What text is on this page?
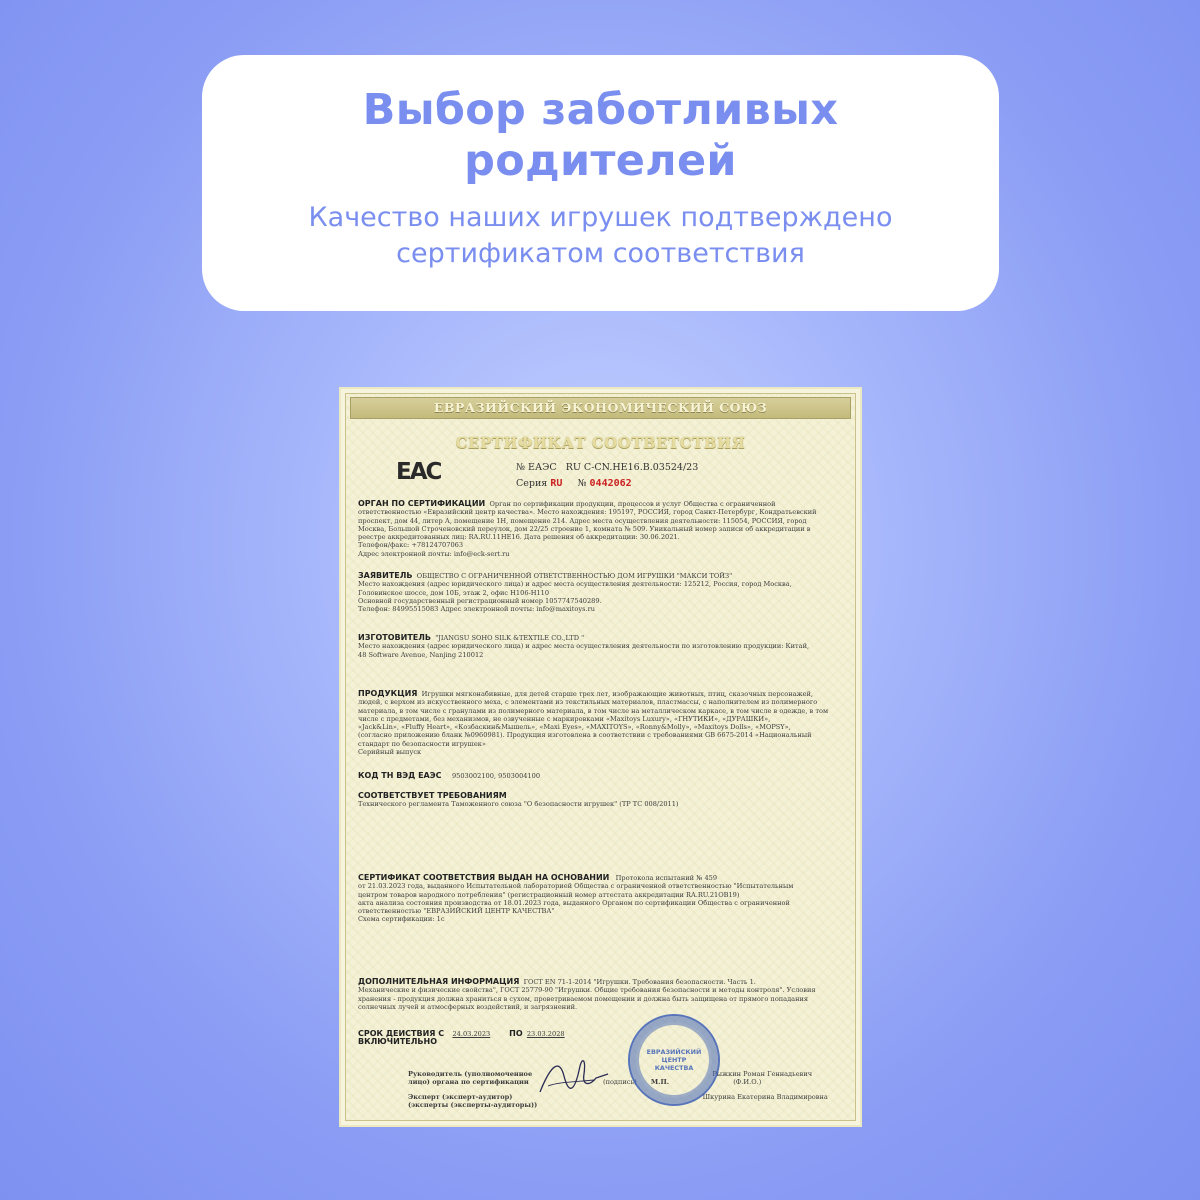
Выбор заботливых
родителей
Качество наших игрушек подтверждено
сертификатом соответствия
ЕВРАЗИЙСКИЙ ЭКОНОМИЧЕСКИЙ СОЮЗ
СЕРТИФИКАТ СООТВЕТСТВИЯ
ЕАС	№ ЕАЭС RU C-CN.НЕ16.В.03524/23
Серия RU № 0442062
ОРГАН ПО СЕРТИФИКАЦИИ Орган по сертификации продукции, процессов и услуг Общества с ограниченной
ответственностью «Евразийский центр качества». Место нахождения: 195197, РОССИЯ, город Санкт-Петербург, Кондратьевский
проспект, дом 44, литер А, помещение 1Н, помещение 214. Адрес места осуществления деятельности: 115054, РОССИЯ, город
Москва, Большой Строченовский переулок, дом 22/25 строение 1, комната № 509. Уникальный номер записи об аккредитации в
реестре аккредитованных лиц: RA.RU.11НЕ16. Дата решения об аккредитации: 30.06.2021.
Телефон/факс: +78124707063
Адрес электронной почты: info@eck-sert.ru
ЗАЯВИТЕЛЬ ОБЩЕСТВО С ОГРАНИЧЕННОЙ ОТВЕТСТВЕННОСТЬЮ ДОМ ИГРУШКИ "МАКСИ ТОЙЗ"
Место нахождения (адрес юридического лица) и адрес места осуществления деятельности: 125212, Россия, город Москва,
Головинское шоссе, дом 10Б, этаж 2, офис Н106-Н110
Основной государственный регистрационный номер 1057747540289.
Телефон: 84995515083 Адрес электронной почты: info@maxitoys.ru
ИЗГОТОВИТЕЛЬ "JIANGSU SOHO SILK &TEXTILE CO.,LTD "
Место нахождения (адрес юридического лица) и адрес места осуществления деятельности по изготовлению продукции: Китай,
48 Software Avenue, Nanjing 210012
ПРОДУКЦИЯ Игрушки мягконабивные, для детей старше трех лет, изображающие животных, птиц, сказочных персонажей,
людей, с верхом из искусственного меха, с элементами из текстильных материалов, пластмассы, с наполнителем из полимерного
материала, в том числе с гранулами из полимерного материала, в том числе на металлическом каркасе, в том числе в одежде, в том
числе с предметами, без механизмов, не озвученные с маркировками «Maxitoys Luxury», «ГНУТИКИ», «ДУРАШКИ»,
«Jack&Lin», «Fluffy Heart», «Козбаскин&Мышель», «Maxi Eyes», «MAXITOYS», «Ronny&Molly», «Maxitoys Dolls», «MOPSY»,
(согласно приложению бланк №0960981). Продукция изготовлена в соответствии с требованиями GB 6675-2014 «Национальный
стандарт по безопасности игрушек»
Серийный выпуск
КОД ТН ВЭД ЕАЭС 9503002100, 9503004100
СООТВЕТСТВУЕТ ТРЕБОВАНИЯМ
Технического регламента Таможенного союза "О безопасности игрушек" (ТР ТС 008/2011)
СЕРТИФИКАТ СООТВЕТСТВИЯ ВЫДАН НА ОСНОВАНИИ Протокола испытаний № 459
от 21.03.2023 года, выданного Испытательной лабораторией Общества с ограниченной ответственностью "Испытательным
центром товаров народного потребления" (регистрационный номер аттестата аккредитации RA.RU.21ОВ19)
акта анализа состояния производства от 18.01.2023 года, выданного Органом по сертификации Общества с ограниченной
ответственностью "ЕВРАЗИЙСКИЙ ЦЕНТР КАЧЕСТВА"
Схема сертификации: 1с
ДОПОЛНИТЕЛЬНАЯ ИНФОРМАЦИЯ ГОСТ EN 71-1-2014 "Игрушки. Требования безопасности. Часть 1.
Механические и физические свойства", ГОСТ 25779-90 "Игрушки. Общие требования безопасности и методы контроля". Условия
хранения - продукция должна храниться в сухом, проветриваемом помещении и должна быть защищена от прямого попадания
солнечных лучей и атмосферных воздействий, и загрязнений.
СРОК ДЕЙСТВИЯ С 24.03.2023 ПО 23.03.2028
ВКЛЮЧИТЕЛЬНО
Руководитель (уполномоченное	Рыжкин Роман Геннадьевич
лицо) органа по сертификации	(подпись) М.П.	(Ф.И.О.)
Эксперт (эксперт-аудитор)	Шкурина Екатерина Владимировна
(эксперты (эксперты-аудиторы))
ЕВРАЗИЙСКИЙ ЦЕНТР КАЧЕСТВА
